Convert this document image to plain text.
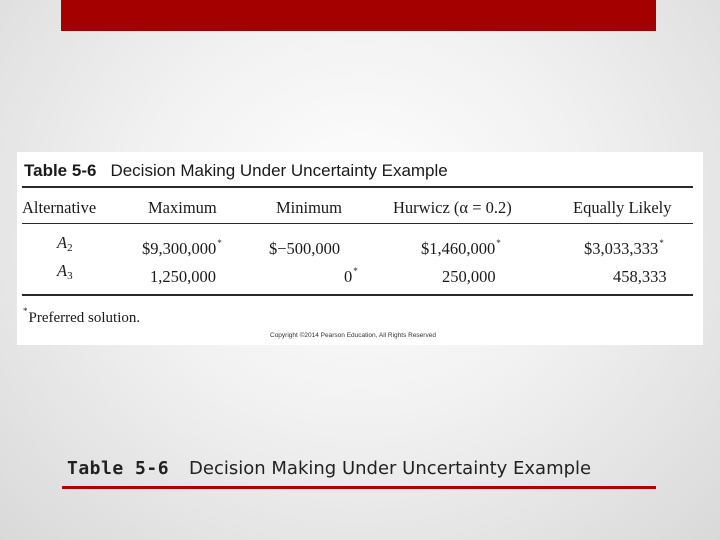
Table 5-6 Decision Making Under Uncertainty Example
Alternative	Maximum	Minimum	Hurwicz (α = 0.2)	Equally Likely
$A_2$	$9,300,000*	$−500,000	$1,460,000*	$3,033,333*
$A_3$	1,250,000	0*	250,000	458,333
*Preferred solution.
Copyright ©2014 Pearson Education, All Rights Reserved
Table 5-6 Decision Making Under Uncertainty Example
